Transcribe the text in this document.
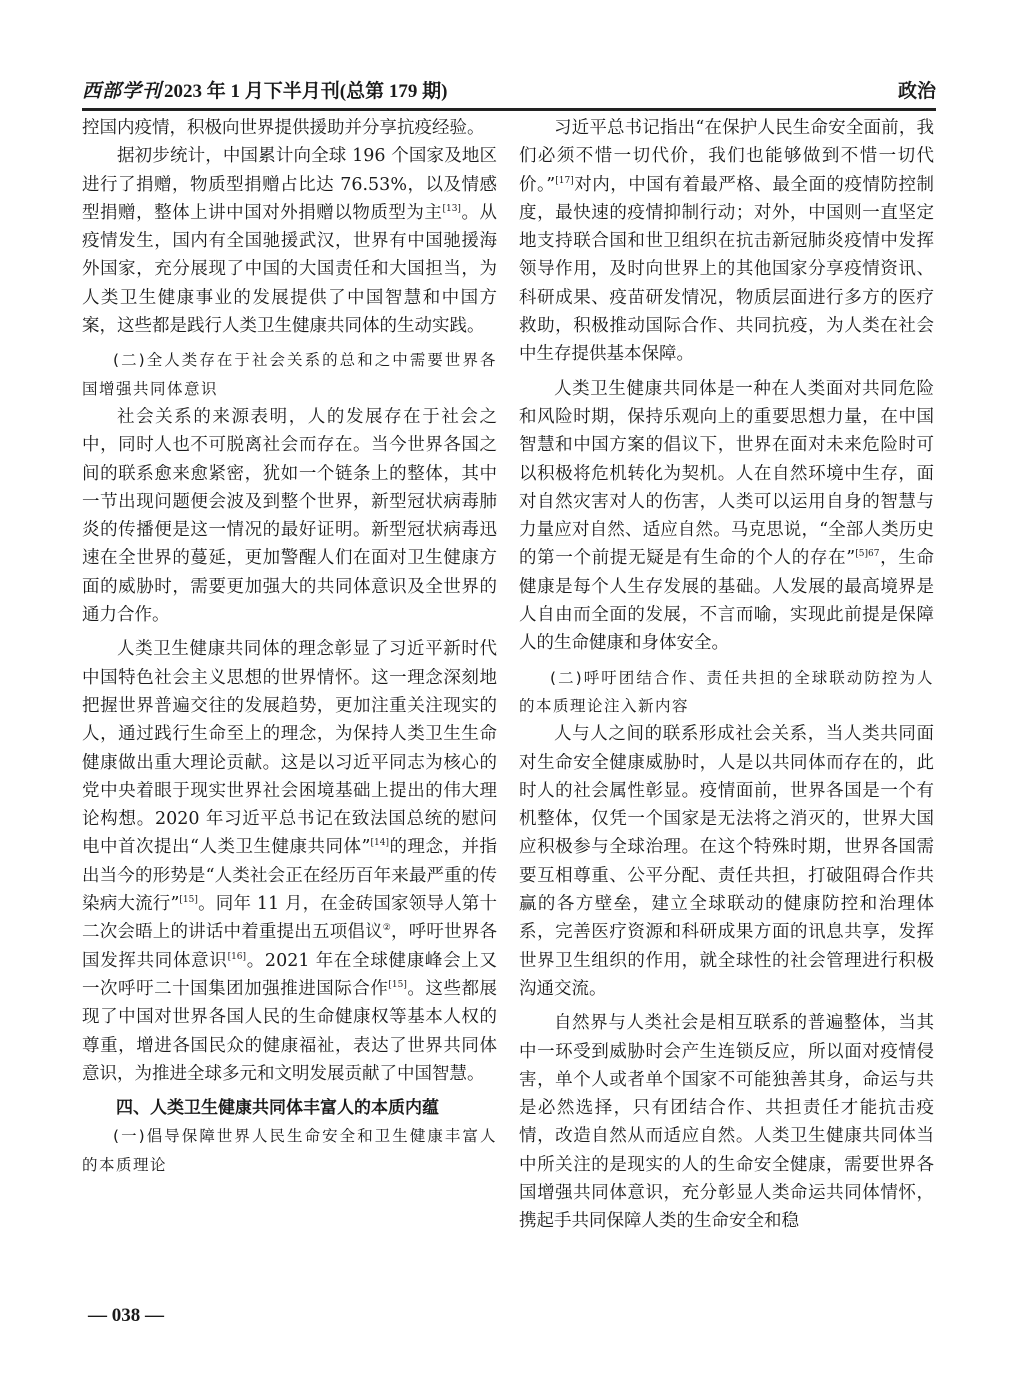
西部学刊 2023 年 1 月下半月刊(总第 179 期)	政治

控国内疫情，积极向世界提供援助并分享抗疫经验。

据初步统计，中国累计向全球 196 个国家及地区进行了捐赠，物质型捐赠占比达 76.53%，以及情感型捐赠，整体上讲中国对外捐赠以物质型为主[13]。从疫情发生，国内有全国驰援武汉，世界有中国驰援海外国家，充分展现了中国的大国责任和大国担当，为人类卫生健康事业的发展提供了中国智慧和中国方案，这些都是践行人类卫生健康共同体的生动实践。

(二)全人类存在于社会关系的总和之中需要世界各国增强共同体意识

社会关系的来源表明，人的发展存在于社会之中，同时人也不可脱离社会而存在。当今世界各国之间的联系愈来愈紧密，犹如一个链条上的整体，其中一节出现问题便会波及到整个世界，新型冠状病毒肺炎的传播便是这一情况的最好证明。新型冠状病毒迅速在全世界的蔓延，更加警醒人们在面对卫生健康方面的威胁时，需要更加强大的共同体意识及全世界的通力合作。

人类卫生健康共同体的理念彰显了习近平新时代中国特色社会主义思想的世界情怀。这一理念深刻地把握世界普遍交往的发展趋势，更加注重关注现实的人，通过践行生命至上的理念，为保持人类卫生生命健康做出重大理论贡献。这是以习近平同志为核心的党中央着眼于现实世界社会困境基础上提出的伟大理论构想。2020 年习近平总书记在致法国总统的慰问电中首次提出“人类卫生健康共同体”[14]的理念，并指出当今的形势是“人类社会正在经历百年来最严重的传染病大流行”[15]。同年 11 月，在金砖国家领导人第十二次会晤上的讲话中着重提出五项倡议②，呼吁世界各国发挥共同体意识[16]。2021 年在全球健康峰会上又一次呼吁二十国集团加强推进国际合作[15]。这些都展现了中国对世界各国人民的生命健康权等基本人权的尊重，增进各国民众的健康福祉，表达了世界共同体意识，为推进全球多元和文明发展贡献了中国智慧。

四、人类卫生健康共同体丰富人的本质内蕴

(一)倡导保障世界人民生命安全和卫生健康丰富人的本质理论

习近平总书记指出“在保护人民生命安全面前，我们必须不惜一切代价，我们也能够做到不惜一切代价。”[17]对内，中国有着最严格、最全面的疫情防控制度，最快速的疫情抑制行动；对外，中国则一直坚定地支持联合国和世卫组织在抗击新冠肺炎疫情中发挥领导作用，及时向世界上的其他国家分享疫情资讯、科研成果、疫苗研发情况，物质层面进行多方的医疗救助，积极推动国际合作、共同抗疫，为人类在社会中生存提供基本保障。

人类卫生健康共同体是一种在人类面对共同危险和风险时期，保持乐观向上的重要思想力量，在中国智慧和中国方案的倡议下，世界在面对未来危险时可以积极将危机转化为契机。人在自然环境中生存，面对自然灾害对人的伤害，人类可以运用自身的智慧与力量应对自然、适应自然。马克思说，“全部人类历史的第一个前提无疑是有生命的个人的存在”$^{[5]67}$，生命健康是每个人生存发展的基础。人发展的最高境界是人自由而全面的发展，不言而喻，实现此前提是保障人的生命健康和身体安全。

(二)呼吁团结合作、责任共担的全球联动防控为人的本质理论注入新内容

人与人之间的联系形成社会关系，当人类共同面对生命安全健康威胁时，人是以共同体而存在的，此时人的社会属性彰显。疫情面前，世界各国是一个有机整体，仅凭一个国家是无法将之消灭的，世界大国应积极参与全球治理。在这个特殊时期，世界各国需要互相尊重、公平分配、责任共担，打破阻碍合作共赢的各方壁垒，建立全球联动的健康防控和治理体系，完善医疗资源和科研成果方面的讯息共享，发挥世界卫生组织的作用，就全球性的社会管理进行积极沟通交流。

自然界与人类社会是相互联系的普遍整体，当其中一环受到威胁时会产生连锁反应，所以面对疫情侵害，单个人或者单个国家不可能独善其身，命运与共是必然选择，只有团结合作、共担责任才能抗击疫情，改造自然从而适应自然。人类卫生健康共同体当中所关注的是现实的人的生命安全健康，需要世界各国增强共同体意识，充分彰显人类命运共同体情怀，携起手共同保障人类的生命安全和稳

— 038 —
